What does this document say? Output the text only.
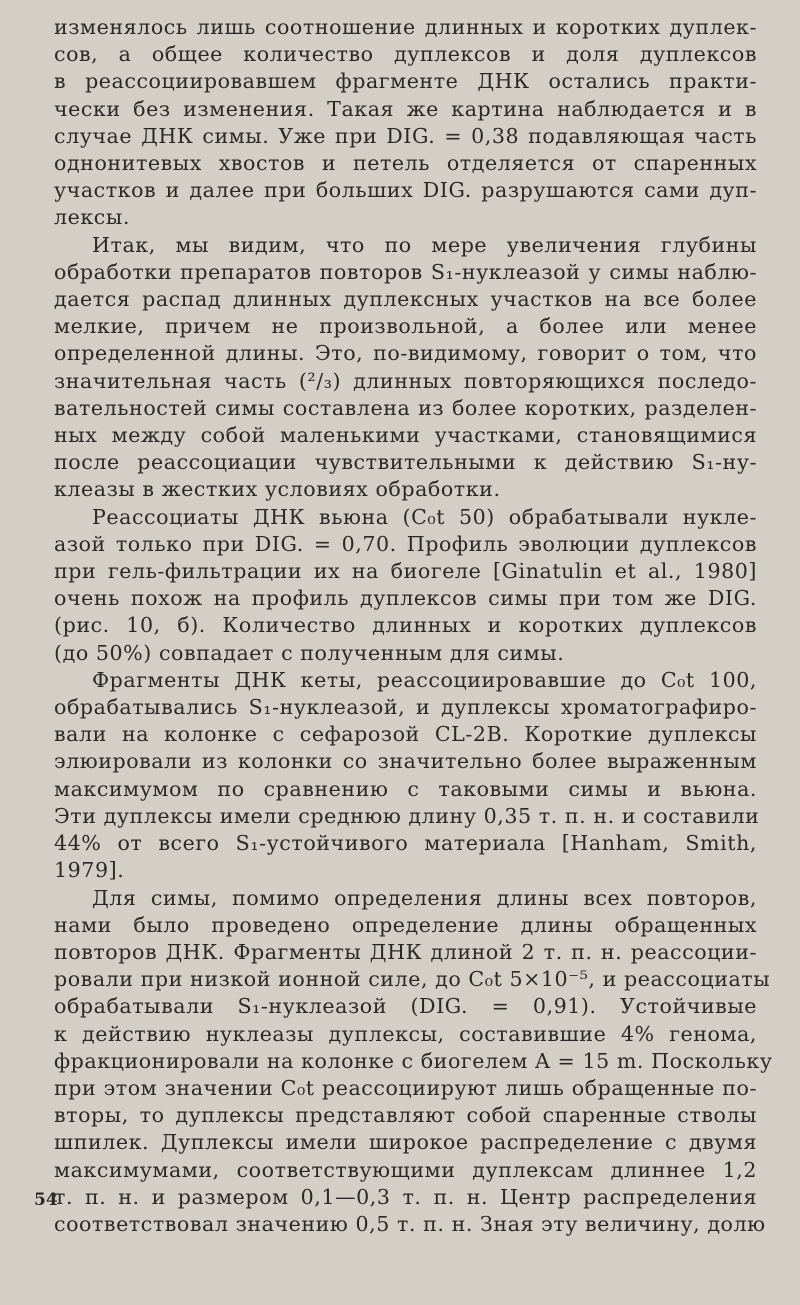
изменялось лишь соотношение длинных и коротких дуплек-
сов, а общее количество дуплексов и доля дуплексов
в реассоциировавшем фрагменте ДНК остались практи-
чески без изменения. Такая же картина наблюдается и в
случае ДНК симы. Уже при DIG. = 0,38 подавляющая часть
однонитевых хвостов и петель отделяется от спаренных
участков и далее при больших DIG. разрушаются сами дуп-
лексы.
Итак, мы видим, что по мере увеличения глубины
обработки препаратов повторов S₁-нуклеазой у симы наблю-
дается распад длинных дуплексных участков на все более
мелкие, причем не произвольной, а более или менее
определенной длины. Это, по-видимому, говорит о том, что
значительная часть (²/₃) длинных повторяющихся последо-
вательностей симы составлена из более коротких, разделен-
ных между собой маленькими участками, становящимися
после реассоциации чувствительными к действию S₁-ну-
клеазы в жестких условиях обработки.
Реассоциаты ДНК вьюна (C₀t 50) обрабатывали нукле-
азой только при DIG. = 0,70. Профиль эволюции дуплексов
при гель-фильтрации их на биогеле [Ginatulin et al., 1980]
очень похож на профиль дуплексов симы при том же DIG.
(рис. 10, б). Количество длинных и коротких дуплексов
(до 50%) совпадает с полученным для симы.
Фрагменты ДНК кеты, реассоциировавшие до C₀t 100,
обрабатывались S₁-нуклеазой, и дуплексы хроматографиро-
вали на колонке с сефарозой CL-2B. Короткие дуплексы
элюировали из колонки со значительно более выраженным
максимумом по сравнению с таковыми симы и вьюна.
Эти дуплексы имели среднюю длину 0,35 т. п. н. и составили
44% от всего S₁-устойчивого материала [Hanham, Smith,
1979].
Для симы, помимо определения длины всех повторов,
нами было проведено определение длины обращенных
повторов ДНК. Фрагменты ДНК длиной 2 т. п. н. реассоции-
ровали при низкой ионной силе, до C₀t 5×10⁻⁵, и реассоциаты
обрабатывали S₁-нуклеазой (DIG. = 0,91). Устойчивые
к действию нуклеазы дуплексы, составившие 4% генома,
фракционировали на колонке с биогелем A = 15 m. Поскольку
при этом значении C₀t реассоциируют лишь обращенные по-
вторы, то дуплексы представляют собой спаренные стволы
шпилек. Дуплексы имели широкое распределение с двумя
максимумами, соответствующими дуплексам длиннее 1,2
т. п. н. и размером 0,1—0,3 т. п. н. Центр распределения
соответствовал значению 0,5 т. п. н. Зная эту величину, долю
54
